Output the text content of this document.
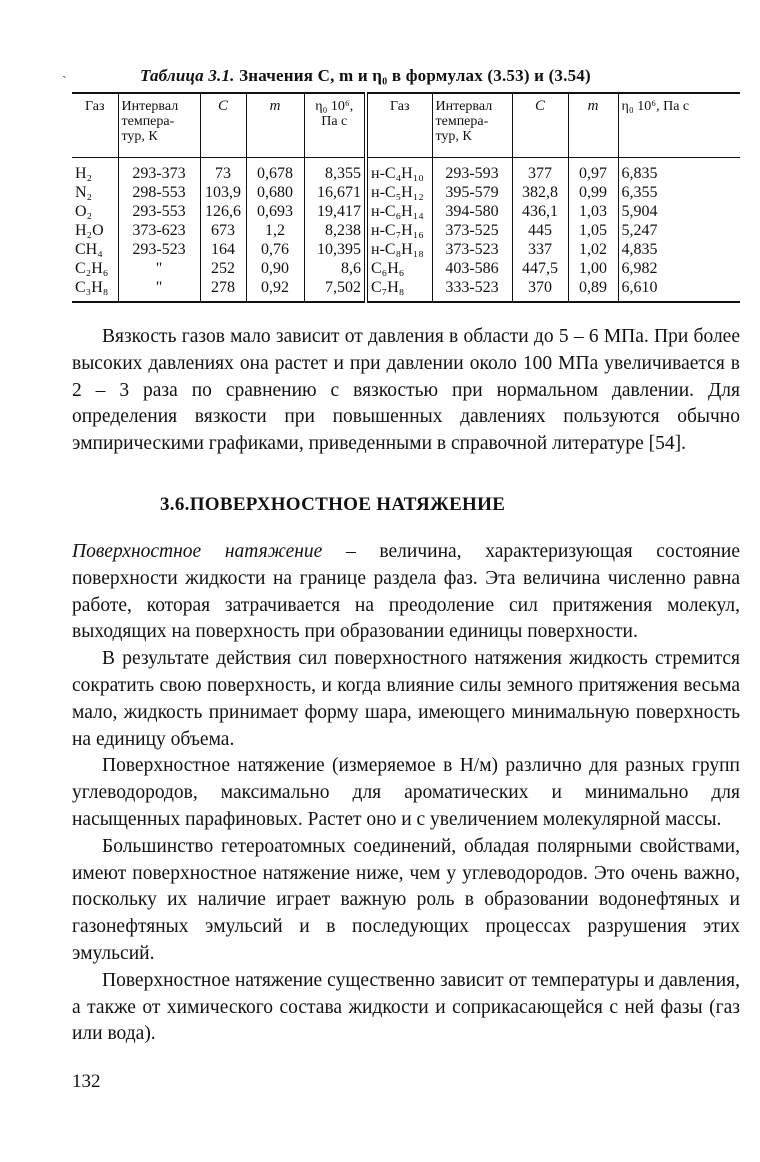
ˎ	Таблица 3.1. Значения C, m и η₀ в формулах (3.53) и (3.54)
Газ	Интервал темпера-тур, К	C	m	η₀ 10⁶, Па с	Газ	Интервал темпера-тур, К	C	m	η₀ 10⁶, Па с
H₂	293-373	73	0,678	8,355	н-C₄H₁₀	293-593	377	0,97	6,835
N₂	298-553	103,9	0,680	16,671	н-C₅H₁₂	395-579	382,8	0,99	6,355
O₂	293-553	126,6	0,693	19,417	н-C₆H₁₄	394-580	436,1	1,03	5,904
H₂O	373-623	673	1,2	8,238	н-C₇H₁₆	373-525	445	1,05	5,247
CH₄	293-523	164	0,76	10,395	н-C₈H₁₈	373-523	337	1,02	4,835
C₂H₆	"	252	0,90	8,6	C₆H₆	403-586	447,5	1,00	6,982
C₃H₈	"	278	0,92	7,502	C₇H₈	333-523	370	0,89	6,610

Вязкость газов мало зависит от давления в области до 5 – 6 МПа. При более высоких давлениях она растет и при давлении около 100 МПа увеличивается в 2 – 3 раза по сравнению с вязкостью при нормальном давлении. Для определения вязкости при повышенных давлениях пользуются обычно эмпирическими графиками, приведенными в справочной литературе [54].

3.6.ПОВЕРХНОСТНОЕ НАТЯЖЕНИЕ

Поверхностное натяжение – величина, характеризующая состояние поверхности жидкости на границе раздела фаз. Эта величина численно равна работе, которая затрачивается на преодоление сил притяжения молекул, выходящих на поверхность при образовании единицы поверхности.

В результате действия сил поверхностного натяжения жидкость стремится сократить свою поверхность, и когда влияние силы земного притяжения весьма мало, жидкость принимает форму шара, имеющего минимальную поверхность на единицу объема.

Поверхностное натяжение (измеряемое в Н/м) различно для разных групп углеводородов, максимально для ароматических и минимально для насыщенных парафиновых. Растет оно и с увеличением молекулярной массы.

Большинство гетероатомных соединений, обладая полярными свойствами, имеют поверхностное натяжение ниже, чем у углеводородов. Это очень важно, поскольку их наличие играет важную роль в образовании водонефтяных и газонефтяных эмульсий и в последующих процессах разрушения этих эмульсий.

Поверхностное натяжение существенно зависит от температуры и давления, а также от химического состава жидкости и соприкасающейся с ней фазы (газ или вода).

132
